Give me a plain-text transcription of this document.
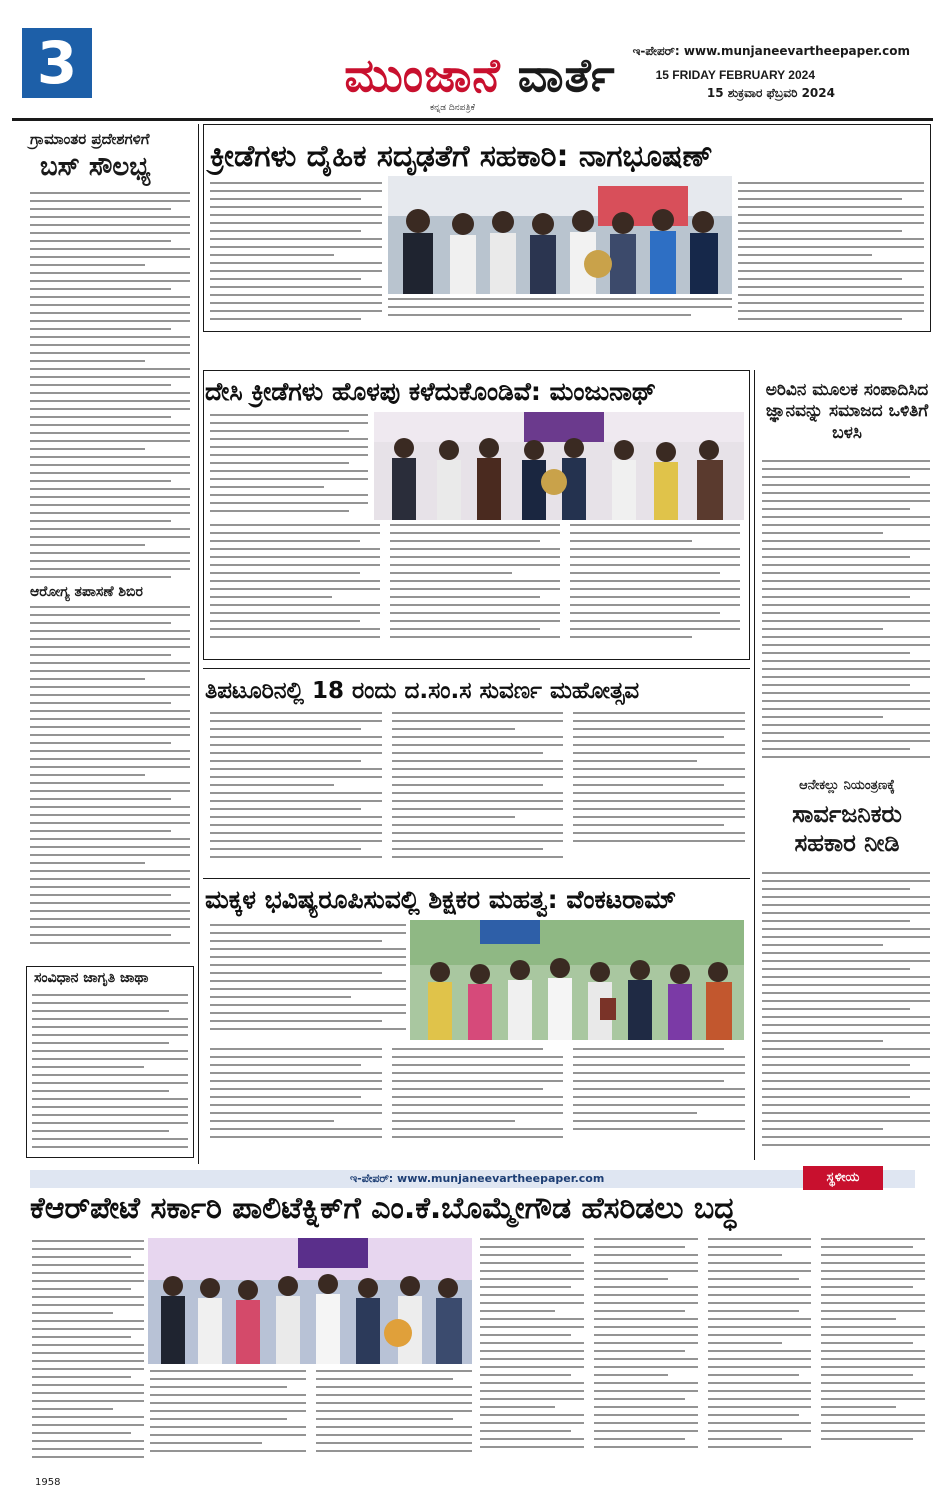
3	ಮುಂಜಾನೆ ವಾರ್ತೆ
ಕನ್ನಡ ದಿನಪತ್ರಿಕೆ
ಇ-ಪೇಪರ್: www.munjaneevartheepaper.com
15 FRIDAY FEBRUARY 2024
15 ಶುಕ್ರವಾರ ಫೆಬ್ರವರಿ 2024
ಗ್ರಾಮಾಂತರ ಪ್ರದೇಶಗಳಿಗೆ
ಬಸ್ ಸೌಲಭ್ಯ
ಆರೋಗ್ಯ ತಪಾಸಣೆ ಶಿಬಿರ
ಸಂವಿಧಾನ ಜಾಗೃತಿ ಜಾಥಾ
ಕ್ರೀಡೆಗಳು ದೈಹಿಕ ಸದೃಢತೆಗೆ ಸಹಕಾರಿ: ನಾಗಭೂಷಣ್
ದೇಸಿ ಕ್ರೀಡೆಗಳು ಹೊಳಪು ಕಳೆದುಕೊಂಡಿವೆ: ಮಂಜುನಾಥ್
ತಿಪಟೂರಿನಲ್ಲಿ 18 ರಂದು ದ.ಸಂ.ಸ ಸುವರ್ಣ ಮಹೋತ್ಸವ
ಅರಿವಿನ ಮೂಲಕ ಸಂಪಾದಿಸಿದ ಜ್ಞಾನವನ್ನು ಸಮಾಜದ ಒಳಿತಿಗೆ ಬಳಸಿ
ಆನೇಕಲ್ಲು ನಿಯಂತ್ರಣಕ್ಕೆ
ಸಾರ್ವಜನಿಕರು ಸಹಕಾರ ನೀಡಿ
ಮಕ್ಕಳ ಭವಿಷ್ಯರೂಪಿಸುವಲ್ಲಿ ಶಿಕ್ಷಕರ ಮಹತ್ವ: ವೆಂಕಟರಾಮ್
ಇ-ಪೇಪರ್: www.munjaneevartheepaper.com	ಸ್ಥಳೀಯ
ಕೆಆರ್‌ಪೇಟೆ ಸರ್ಕಾರಿ ಪಾಲಿಟೆಕ್ನಿಕ್‌ಗೆ ಎಂ.ಕೆ.ಬೊಮ್ಮೇಗೌಡ ಹೆಸರಿಡಲು ಬದ್ಧ
1958
